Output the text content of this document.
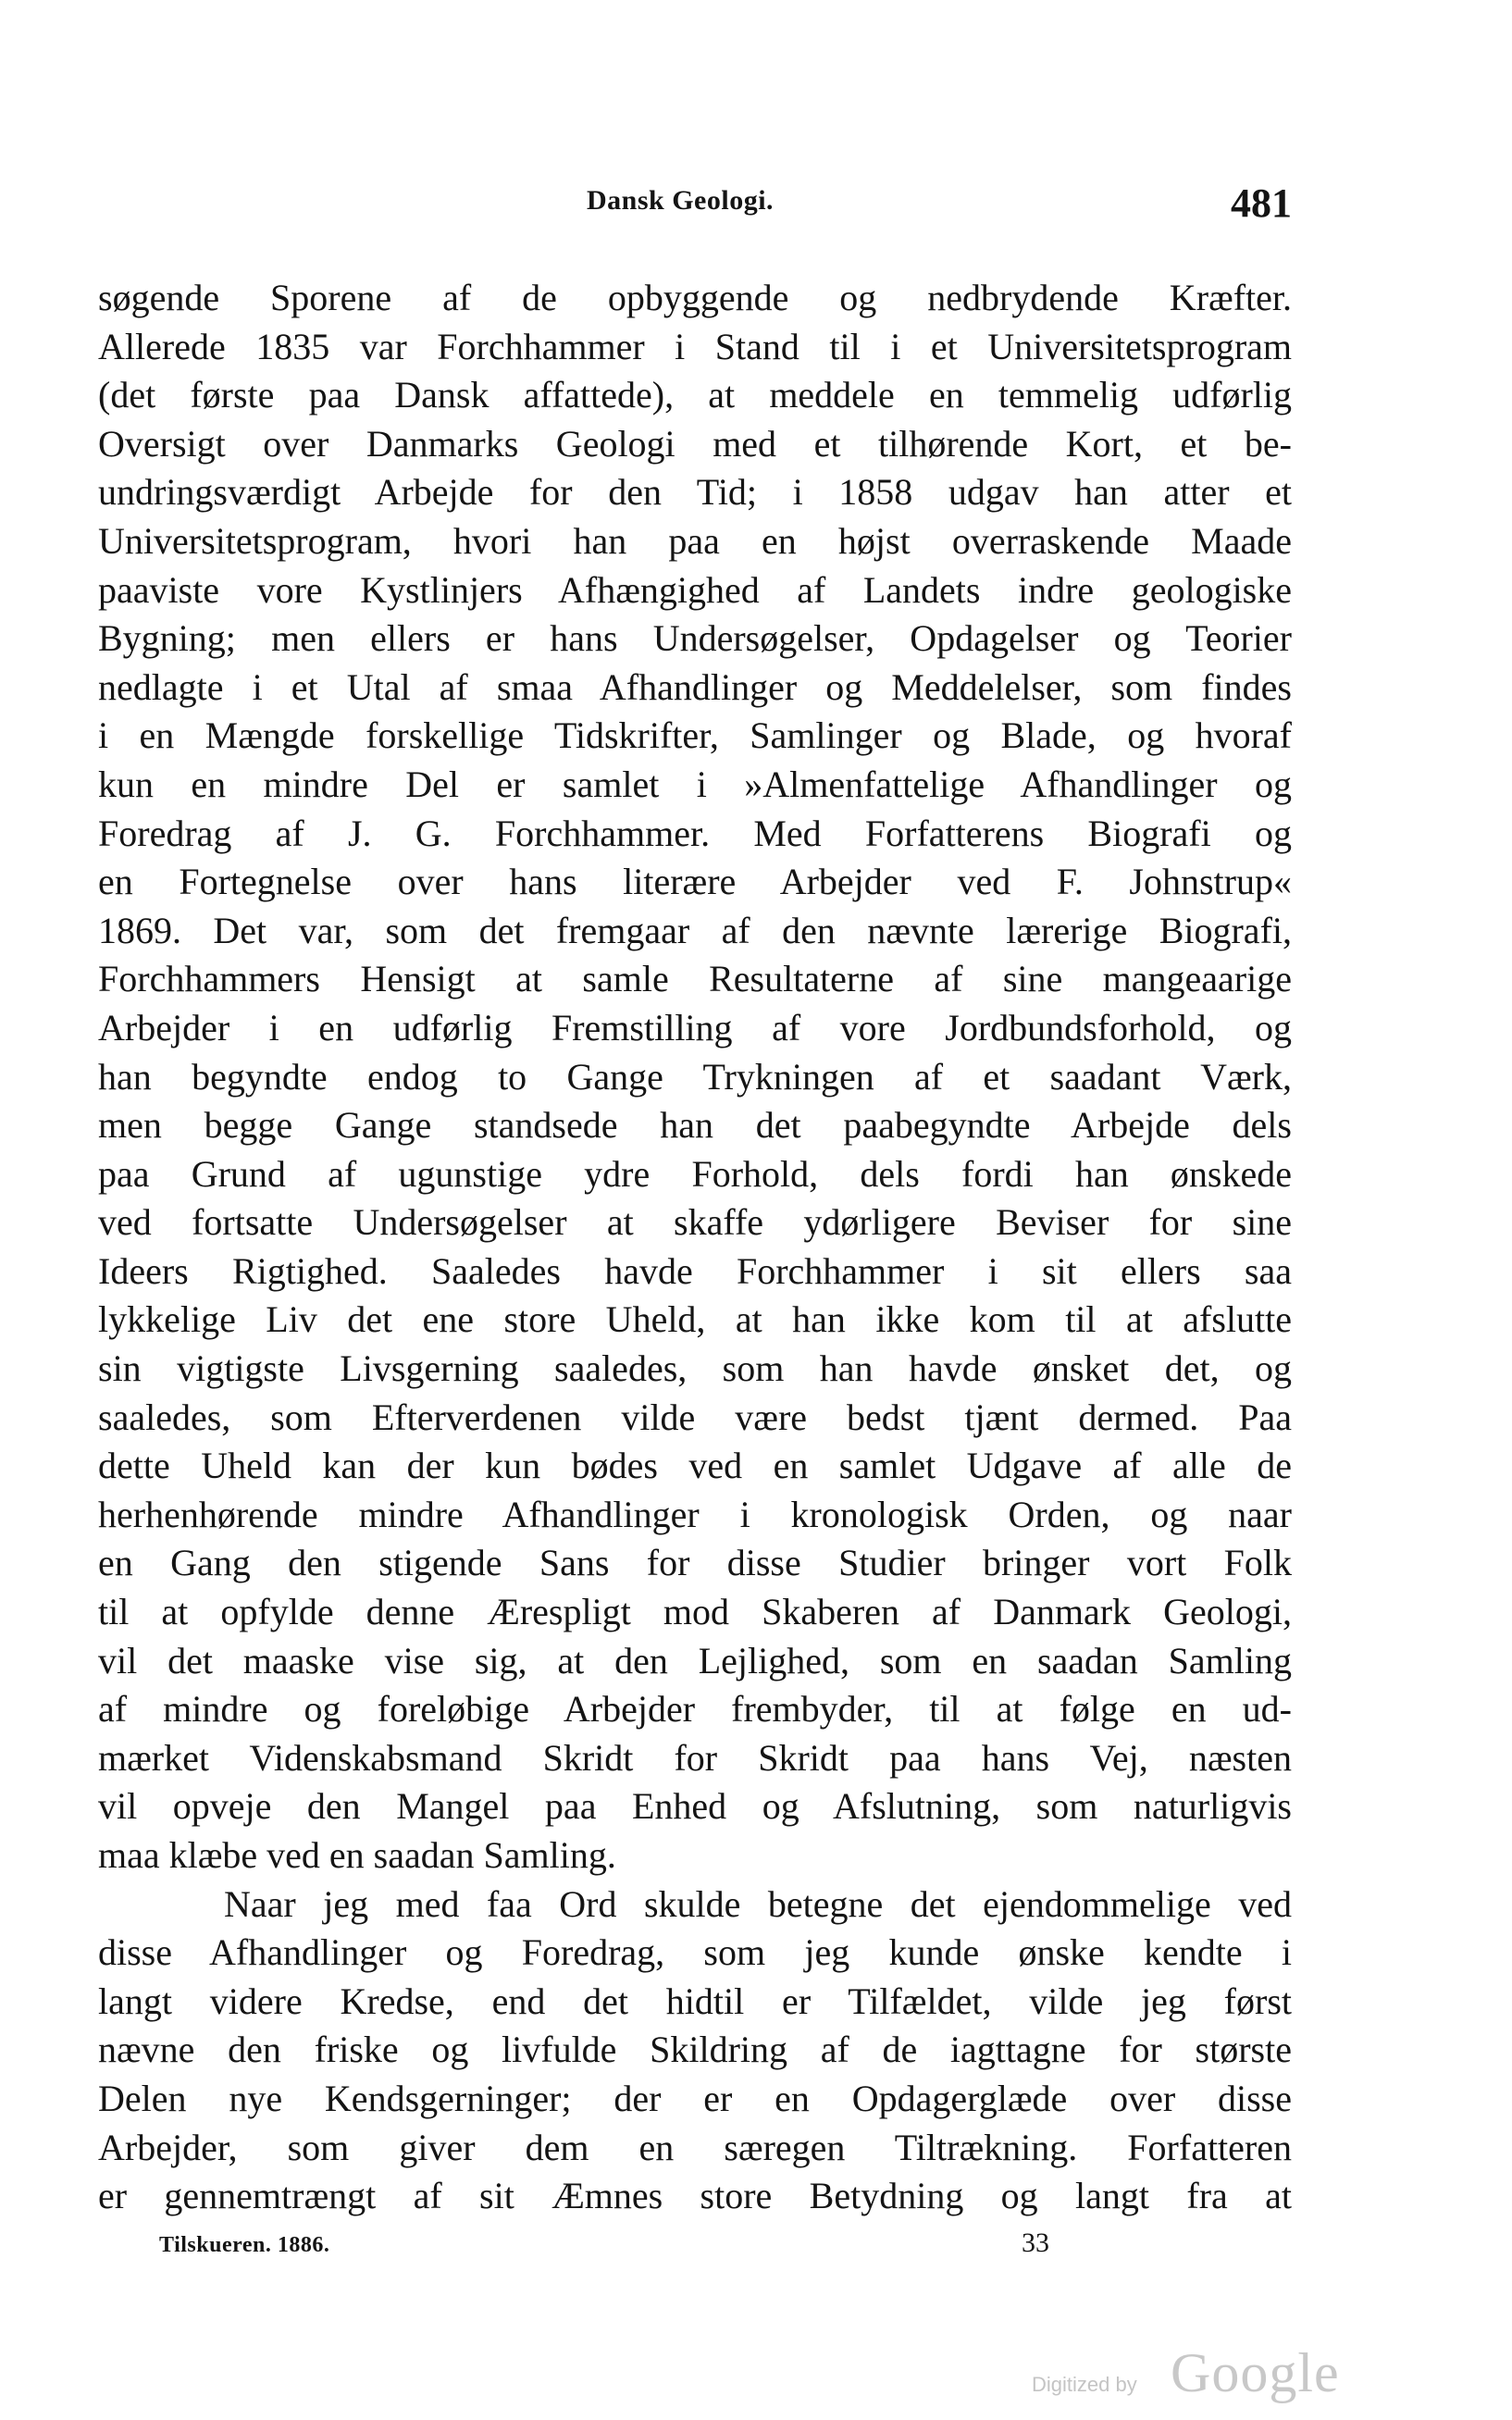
Dansk Geologi.	481
søgende Sporene af de opbyggende og nedbrydende Kræfter.
Allerede 1835 var Forchhammer i Stand til i et Universitetsprogram
(det første paa Dansk affattede), at meddele en temmelig udførlig
Oversigt over Danmarks Geologi med et tilhørende Kort, et be-
undringsværdigt Arbejde for den Tid; i 1858 udgav han atter et
Universitetsprogram, hvori han paa en højst overraskende Maade
paaviste vore Kystlinjers Afhængighed af Landets indre geologiske
Bygning; men ellers er hans Undersøgelser, Opdagelser og Teorier
nedlagte i et Utal af smaa Afhandlinger og Meddelelser, som findes
i en Mængde forskellige Tidskrifter, Samlinger og Blade, og hvoraf
kun en mindre Del er samlet i »Almenfattelige Afhandlinger og
Foredrag af J. G. Forchhammer. Med Forfatterens Biografi og
en Fortegnelse over hans literære Arbejder ved F. Johnstrup«
1869. Det var, som det fremgaar af den nævnte lærerige Biografi,
Forchhammers Hensigt at samle Resultaterne af sine mangeaarige
Arbejder i en udførlig Fremstilling af vore Jordbundsforhold, og
han begyndte endog to Gange Trykningen af et saadant Værk,
men begge Gange standsede han det paabegyndte Arbejde dels
paa Grund af ugunstige ydre Forhold, dels fordi han ønskede
ved fortsatte Undersøgelser at skaffe ydørligere Beviser for sine
Ideers Rigtighed. Saaledes havde Forchhammer i sit ellers saa
lykkelige Liv det ene store Uheld, at han ikke kom til at afslutte
sin vigtigste Livsgerning saaledes, som han havde ønsket det, og
saaledes, som Efterverdenen vilde være bedst tjænt dermed. Paa
dette Uheld kan der kun bødes ved en samlet Udgave af alle de
herhenhørende mindre Afhandlinger i kronologisk Orden, og naar
en Gang den stigende Sans for disse Studier bringer vort Folk
til at opfylde denne Ærespligt mod Skaberen af Danmark Geologi,
vil det maaske vise sig, at den Lejlighed, som en saadan Samling
af mindre og foreløbige Arbejder frembyder, til at følge en ud-
mærket Videnskabsmand Skridt for Skridt paa hans Vej, næsten
vil opveje den Mangel paa Enhed og Afslutning, som naturligvis
maa klæbe ved en saadan Samling.
Naar jeg med faa Ord skulde betegne det ejendommelige ved
disse Afhandlinger og Foredrag, som jeg kunde ønske kendte i
langt videre Kredse, end det hidtil er Tilfældet, vilde jeg først
nævne den friske og livfulde Skildring af de iagttagne for største
Delen nye Kendsgerninger; der er en Opdagerglæde over disse
Arbejder, som giver dem en særegen Tiltrækning. Forfatteren
er gennemtrængt af sit Æmnes store Betydning og langt fra at
Tilskueren. 1886.	33
Digitized by Google
